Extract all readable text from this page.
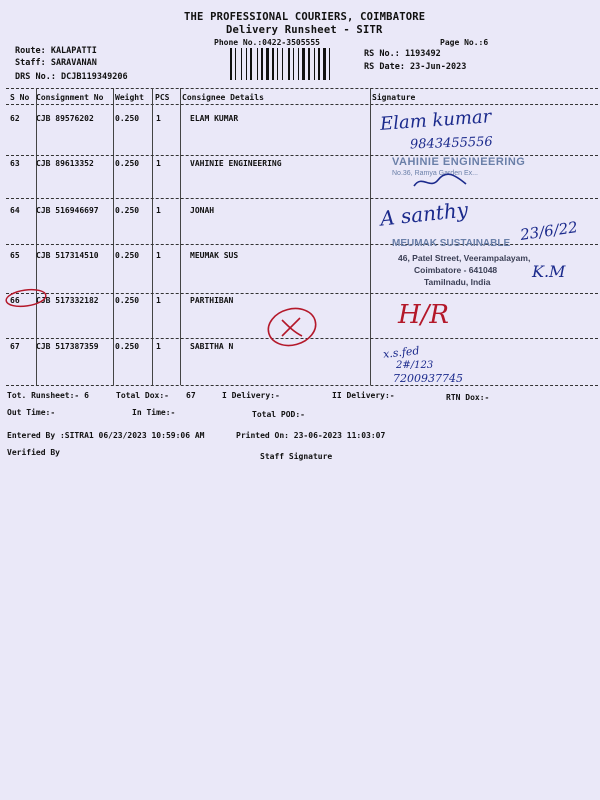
THE PROFESSIONAL COURIERS, COIMBATORE
Delivery Runsheet - SITR
Phone No.:0422-3505555	Page No.:6
Route: KALAPATTI
Staff: SARAVANAN
DRS No.: DCJB119349206
RS No.: 1193492
RS Date: 23-Jun-2023
S No Consignment No Weight PCS Consignee Details	Signature
62 CJB 89576202	0.250 1	ELAM KUMAR
63 CJB 89613352	0.250 1	VAHINIE ENGINEERING
64 CJB 516946697 0.250 1	JONAH
65 CJB 517314510 0.250 1	MEUMAK SUS
66 CJB 517332182 0.250 1	PARTHIBAN
67 CJB 517387359 0.250 1	SABITHA N
Elam kumar
9843455556
VAHINIE ENGINEERING
No.36, Ramya Garden Ex...
A santhy
23/6/22
MEUMAK SUSTAINABLE
46, Patel Street, Veerampalayam,
Coimbatore - 641048
Tamilnadu, India
K.M
H/R
x.s.fed
2#/123
7200937745
Tot. Runsheet:- 6	Total Dox:- 67	I Delivery:-	II Delivery:-	RTN Dox:-
Out Time:-	In Time:-	Total POD:-
Entered By :SITRA1 06/23/2023 10:59:06 AM	Printed On: 23-06-2023 11:03:07
Verified By	Staff Signature
